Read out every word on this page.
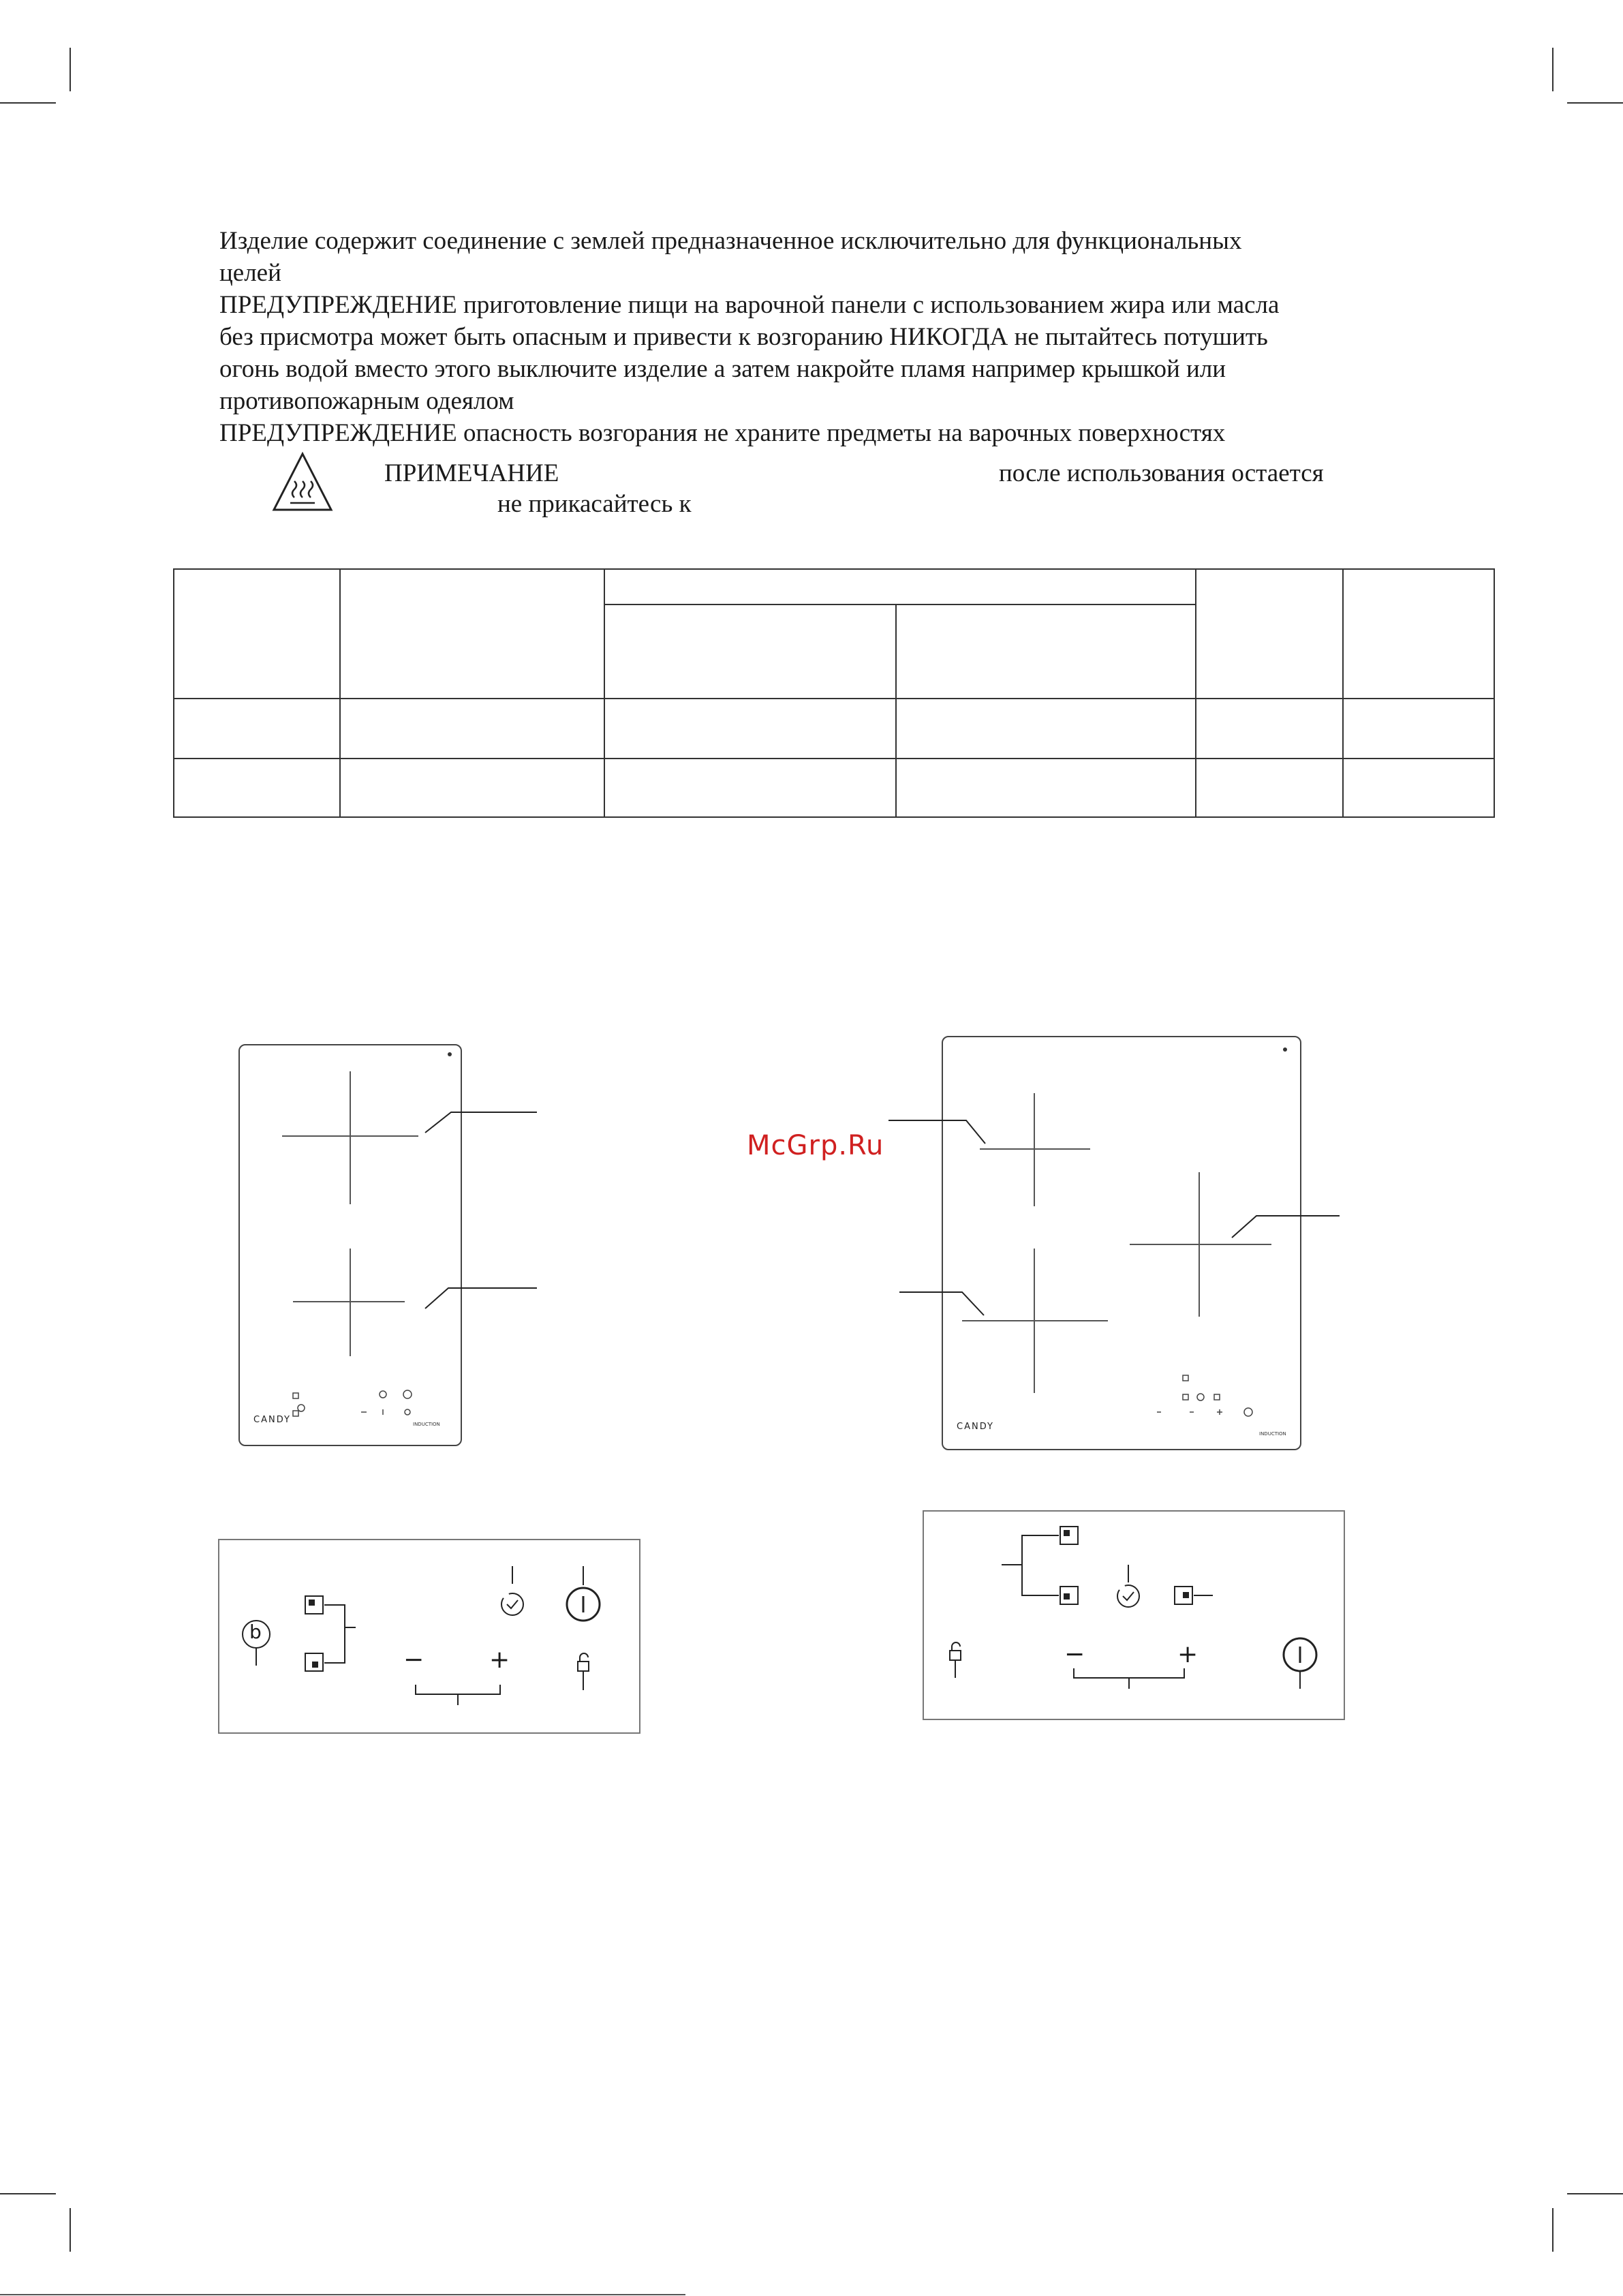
Изделие содержит соединение с землей предназначенное исключительно для функциональных
целей
ПРЕДУПРЕЖДЕНИЕ приготовление пищи на варочной панели с использованием жира или масла
без присмотра может быть опасным и привести к возгоранию НИКОГДА не пытайтесь потушить
огонь водой вместо этого выключите изделие а затем накройте пламя например крышкой или
противопожарным одеялом
ПРЕДУПРЕЖДЕНИЕ опасность возгорания не храните предметы на варочных поверхностях
ПРИМЕЧАНИЕ	после использования остается
не прикасайтесь к
CANDY	INDUCTION	CANDY
INDUCTION
McGrp.Ru
b
−	+	−	+
